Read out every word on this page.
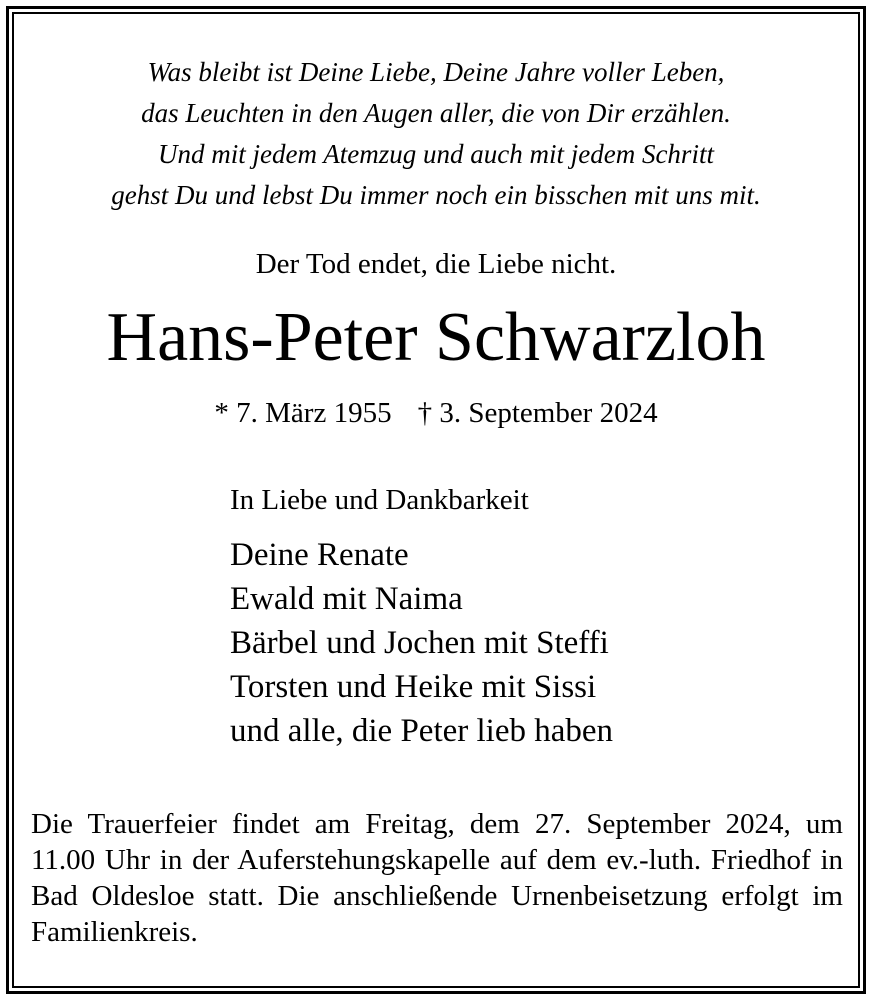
Was bleibt ist Deine Liebe, Deine Jahre voller Leben,
das Leuchten in den Augen aller, die von Dir erzählen.
Und mit jedem Atemzug und auch mit jedem Schritt
gehst Du und lebst Du immer noch ein bisschen mit uns mit.
Der Tod endet, die Liebe nicht.
Hans-Peter Schwarzloh
* 7. März 1955 † 3. September 2024
In Liebe und Dankbarkeit
Deine Renate
Ewald mit Naima
Bärbel und Jochen mit Steffi
Torsten und Heike mit Sissi
und alle, die Peter lieb haben
Die Trauerfeier findet am Freitag, dem 27. September 2024, um 11.00 Uhr in der Auferstehungskapelle auf dem ev.-luth. Friedhof in Bad Oldesloe statt. Die anschließende Urnenbeisetzung erfolgt im Familienkreis.
